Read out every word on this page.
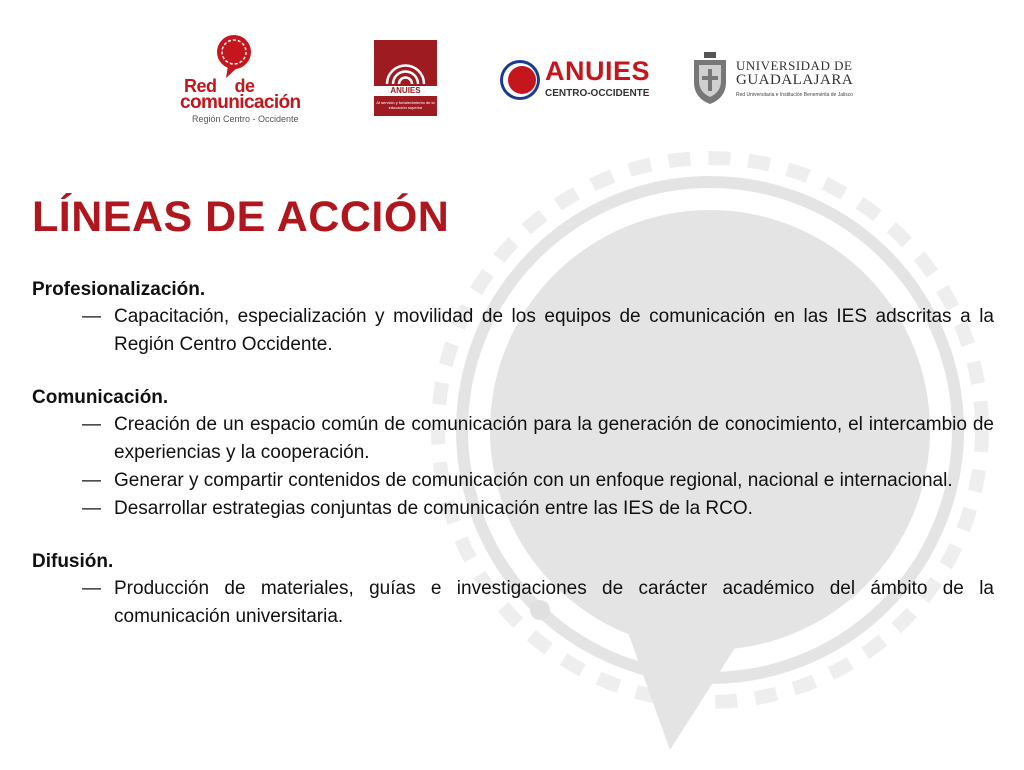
Red de
comunicación
Región Centro - Occidente
ANUIES
Al servicio y fortalecimiento de la educación superior
ANUIES
CENTRO-OCCIDENTE
UNIVERSIDAD DE
GUADALAJARA
Red Universitaria e Institución Benemérita de Jalisco
LÍNEAS DE ACCIÓN
Profesionalización.
— Capacitación, especialización y movilidad de los equipos de comunicación en las IES adscritas a la Región Centro Occidente.
Comunicación.
— Creación de un espacio común de comunicación para la generación de conocimiento, el intercambio de experiencias y la cooperación.
— Generar y compartir contenidos de comunicación con un enfoque regional, nacional e internacional.
— Desarrollar estrategias conjuntas de comunicación entre las IES de la RCO.
Difusión.
— Producción de materiales, guías e investigaciones de carácter académico del ámbito de la comunicación universitaria.
